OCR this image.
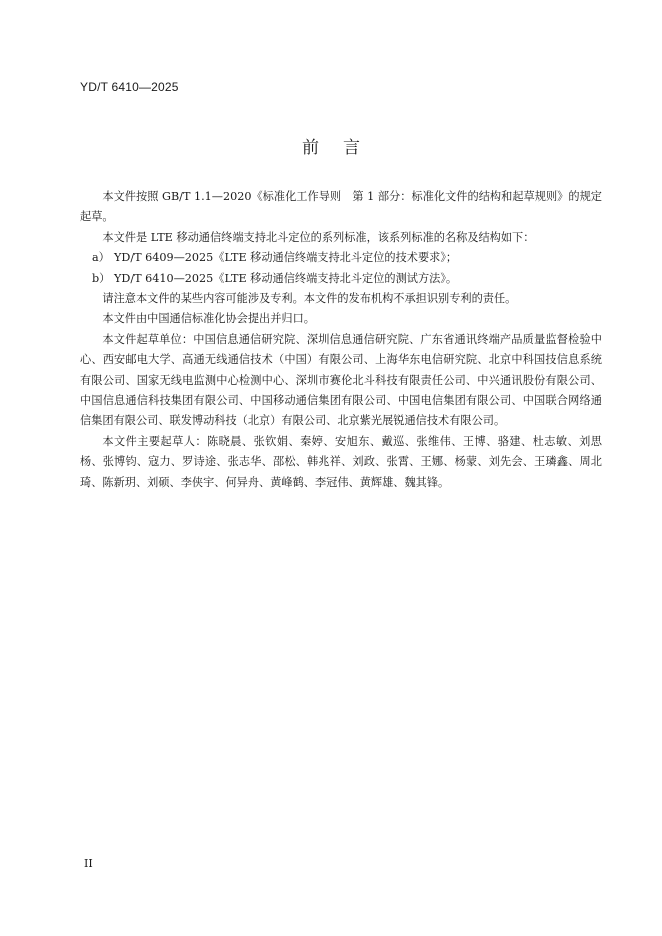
YD/T 6410—2025
前言

本文件按照 GB/T 1.1—2020《标准化工作导则　第 1 部分：标准化文件的结构和起草规则》的规定起草。

本文件是 LTE 移动通信终端支持北斗定位的系列标准，该系列标准的名称及结构如下：

a） YD/T 6409—2025《LTE 移动通信终端支持北斗定位的技术要求》；

b） YD/T 6410—2025《LTE 移动通信终端支持北斗定位的测试方法》。

请注意本文件的某些内容可能涉及专利。本文件的发布机构不承担识别专利的责任。

本文件由中国通信标准化协会提出并归口。

本文件起草单位：中国信息通信研究院、深圳信息通信研究院、广东省通讯终端产品质量监督检验中心、西安邮电大学、高通无线通信技术（中国）有限公司、上海华东电信研究院、北京中科国技信息系统有限公司、国家无线电监测中心检测中心、深圳市赛伦北斗科技有限责任公司、中兴通讯股份有限公司、中国信息通信科技集团有限公司、中国移动通信集团有限公司、中国电信集团有限公司、中国联合网络通信集团有限公司、联发博动科技（北京）有限公司、北京紫光展锐通信技术有限公司。

本文件主要起草人：陈晓晨、张钦娟、秦婷、安旭东、戴巡、张维伟、王博、骆建、杜志敏、刘思杨、张博钧、寇力、罗诗途、张志华、邵松、韩兆祥、刘政、张霄、王娜、杨蒙、刘先会、王璘鑫、周北琦、陈新玥、刘硕、李侠宇、何异舟、黄峰鹤、李冠伟、黄辉雄、魏其锋。

II
